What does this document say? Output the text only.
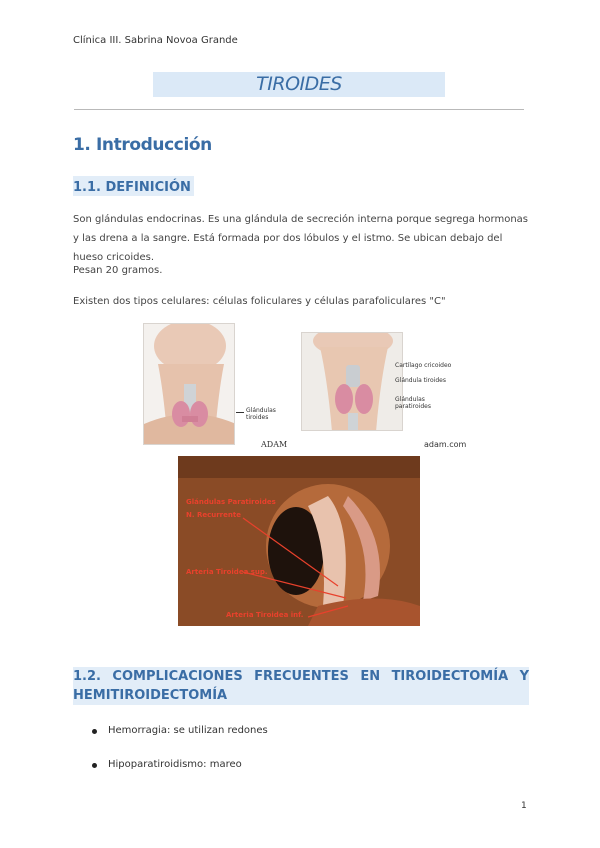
Clínica III. Sabrina Novoa Grande
TIROIDES
1. Introducción
1.1. DEFINICIÓN

Son glándulas endocrinas. Es una glándula de secreción interna porque segrega hormonas y las drena a la sangre. Está formada por dos lóbulos y el istmo. Se ubican debajo del hueso cricoides.

Pesan 20 gramos.

Existen dos tipos celulares: células foliculares y células parafoliculares "C"

Glándulas tiroides
Cartílago cricoideo
Glándula tiroides
Glándulas paratiroides
ADAM	adam.com
Glándulas Paratiroides
N. Recurrente
Arteria Tiroidea sup.
Arteria Tiroidea inf.
1.2. COMPLICACIONES FRECUENTES EN TIROIDECTOMÍA Y HEMITIROIDECTOMÍA
Hemorragia: se utilizan redones
Hipoparatiroidismo: mareo
1
